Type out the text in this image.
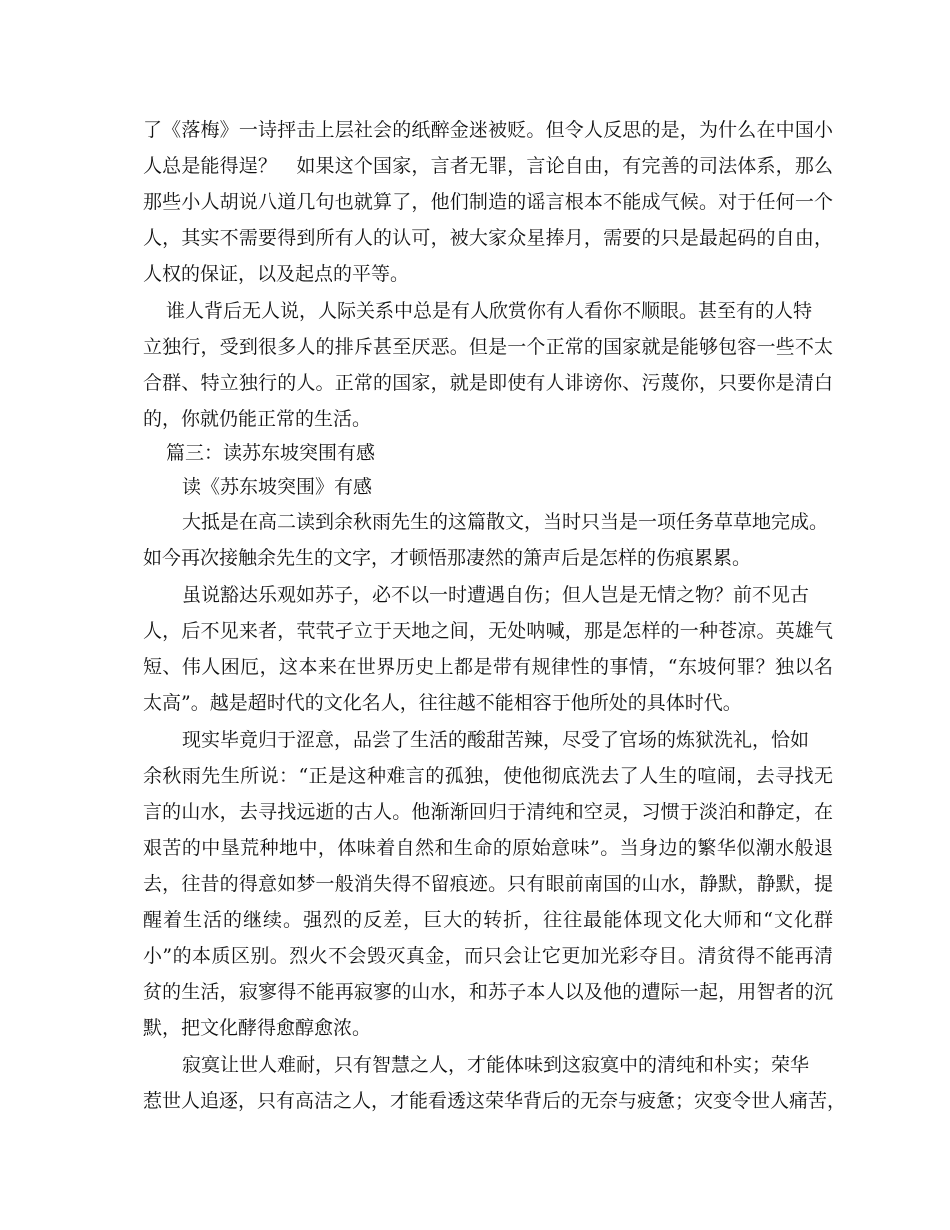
了《落梅》一诗抨击上层社会的纸醉金迷被贬。但令人反思的是，为什么在中国小
人总是能得逞？　如果这个国家，言者无罪，言论自由，有完善的司法体系，那么
那些小人胡说八道几句也就算了，他们制造的谣言根本不能成气候。对于任何一个
人，其实不需要得到所有人的认可，被大家众星捧月，需要的只是最起码的自由，
人权的保证，以及起点的平等。
谁人背后无人说，人际关系中总是有人欣赏你有人看你不顺眼。甚至有的人特
立独行，受到很多人的排斥甚至厌恶。但是一个正常的国家就是能够包容一些不太
合群、特立独行的人。正常的国家，就是即使有人诽谤你、污蔑你，只要你是清白
的，你就仍能正常的生活。
篇三：读苏东坡突围有感
读《苏东坡突围》有感
大抵是在高二读到余秋雨先生的这篇散文，当时只当是一项任务草草地完成。
如今再次接触余先生的文字，才顿悟那凄然的箫声后是怎样的伤痕累累。
虽说豁达乐观如苏子，必不以一时遭遇自伤；但人岂是无情之物？前不见古
人，后不见来者，茕茕孑立于天地之间，无处呐喊，那是怎样的一种苍凉。英雄气
短、伟人困厄，这本来在世界历史上都是带有规律性的事情，“东坡何罪？独以名
太高”。越是超时代的文化名人，往往越不能相容于他所处的具体时代。
现实毕竟归于涩意，品尝了生活的酸甜苦辣，尽受了官场的炼狱洗礼，恰如
余秋雨先生所说：“正是这种难言的孤独，使他彻底洗去了人生的喧闹，去寻找无
言的山水，去寻找远逝的古人。他渐渐回归于清纯和空灵，习惯于淡泊和静定，在
艰苦的中垦荒种地中，体味着自然和生命的原始意味”。当身边的繁华似潮水般退
去，往昔的得意如梦一般消失得不留痕迹。只有眼前南国的山水，静默，静默，提
醒着生活的继续。强烈的反差，巨大的转折，往往最能体现文化大师和“文化群
小”的本质区别。烈火不会毁灭真金，而只会让它更加光彩夺目。清贫得不能再清
贫的生活，寂寥得不能再寂寥的山水，和苏子本人以及他的遭际一起，用智者的沉
默，把文化酵得愈醇愈浓。
寂寞让世人难耐，只有智慧之人，才能体味到这寂寞中的清纯和朴实；荣华
惹世人追逐，只有高洁之人，才能看透这荣华背后的无奈与疲惫；灾变令世人痛苦，
